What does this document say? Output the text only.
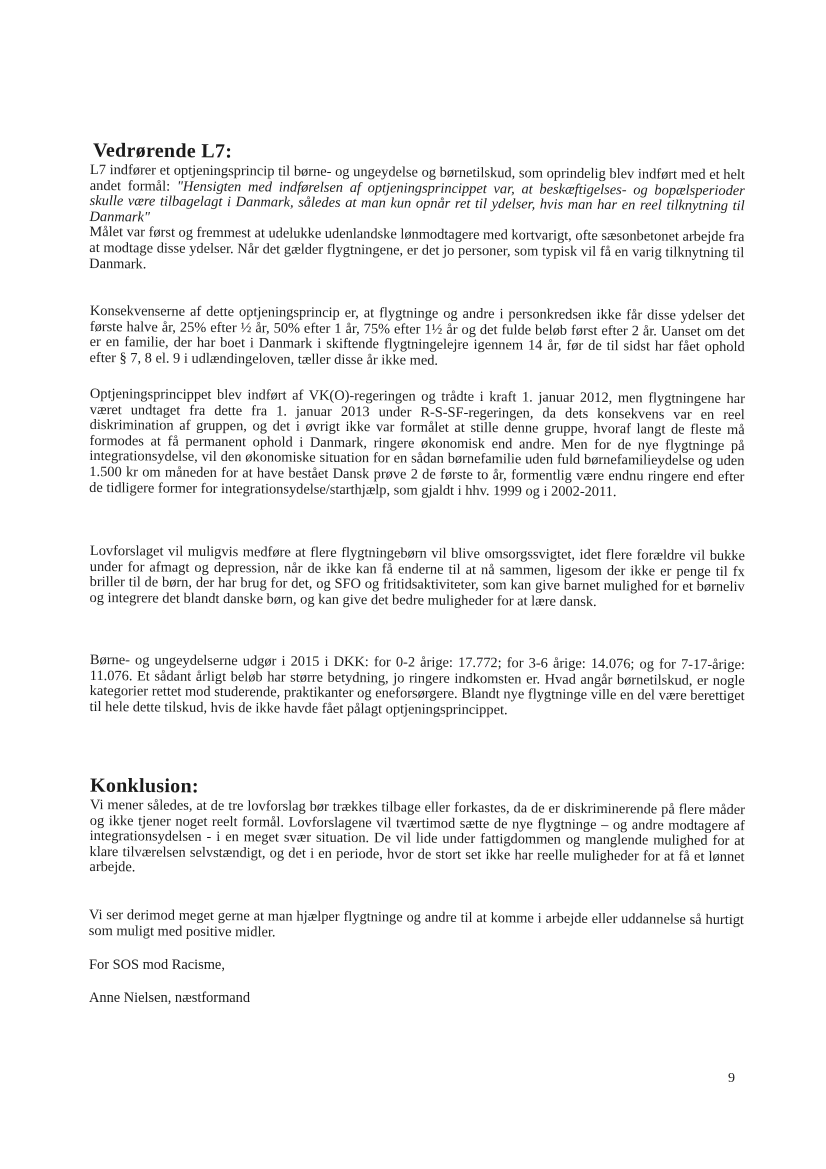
Vedrørende L7:

L7 indfører et optjeningsprincip til børne- og ungeydelse og børnetilskud, som oprindelig blev indført med et helt andet formål: "Hensigten med indførelsen af optjeningsprincippet var, at beskæftigelses- og bopælsperioder skulle være tilbagelagt i Danmark, således at man kun opnår ret til ydelser, hvis man har en reel tilknytning til Danmark"
Målet var først og fremmest at udelukke udenlandske lønmodtagere med kortvarigt, ofte sæsonbetonet arbejde fra at modtage disse ydelser. Når det gælder flygtningene, er det jo personer, som typisk vil få en varig tilknytning til Danmark.

Konsekvenserne af dette optjeningsprincip er, at flygtninge og andre i personkredsen ikke får disse ydelser det første halve år, 25% efter ½ år, 50% efter 1 år, 75% efter 1½ år og det fulde beløb først efter 2 år. Uanset om det er en familie, der har boet i Danmark i skiftende flygtningelejre igennem 14 år, før de til sidst har fået ophold efter § 7, 8 el. 9 i udlændingeloven, tæller disse år ikke med.

Optjeningsprincippet blev indført af VK(O)-regeringen og trådte i kraft 1. januar 2012, men flygtningene har været undtaget fra dette fra 1. januar 2013 under R-S-SF-regeringen, da dets konsekvens var en reel diskrimination af gruppen, og det i øvrigt ikke var formålet at stille denne gruppe, hvoraf langt de fleste må formodes at få permanent ophold i Danmark, ringere økonomisk end andre. Men for de nye flygtninge på integrationsydelse, vil den økonomiske situation for en sådan børnefamilie uden fuld børnefamilieydelse og uden 1.500 kr om måneden for at have bestået Dansk prøve 2 de første to år, formentlig være endnu ringere end efter de tidligere former for integrationsydelse/starthjælp, som gjaldt i hhv. 1999 og i 2002-2011.

Lovforslaget vil muligvis medføre at flere flygtningebørn vil blive omsorgssvigtet, idet flere forældre vil bukke under for afmagt og depression, når de ikke kan få enderne til at nå sammen, ligesom der ikke er penge til fx briller til de børn, der har brug for det, og SFO og fritidsaktiviteter, som kan give barnet mulighed for et børneliv og integrere det blandt danske børn, og kan give det bedre muligheder for at lære dansk.

Børne- og ungeydelserne udgør i 2015 i DKK: for 0-2 årige: 17.772; for 3-6 årige: 14.076; og for 7-17-årige: 11.076. Et sådant årligt beløb har større betydning, jo ringere indkomsten er. Hvad angår børnetilskud, er nogle kategorier rettet mod studerende, praktikanter og eneforsørgere. Blandt nye flygtninge ville en del være berettiget til hele dette tilskud, hvis de ikke havde fået pålagt optjeningsprincippet.

Konklusion:

Vi mener således, at de tre lovforslag bør trækkes tilbage eller forkastes, da de er diskriminerende på flere måder og ikke tjener noget reelt formål. Lovforslagene vil tværtimod sætte de nye flygtninge – og andre modtagere af integrationsydelsen - i en meget svær situation. De vil lide under fattigdommen og manglende mulighed for at klare tilværelsen selvstændigt, og det i en periode, hvor de stort set ikke har reelle muligheder for at få et lønnet arbejde.

Vi ser derimod meget gerne at man hjælper flygtninge og andre til at komme i arbejde eller uddannelse så hurtigt som muligt med positive midler.

For SOS mod Racisme,

Anne Nielsen, næstformand

9
